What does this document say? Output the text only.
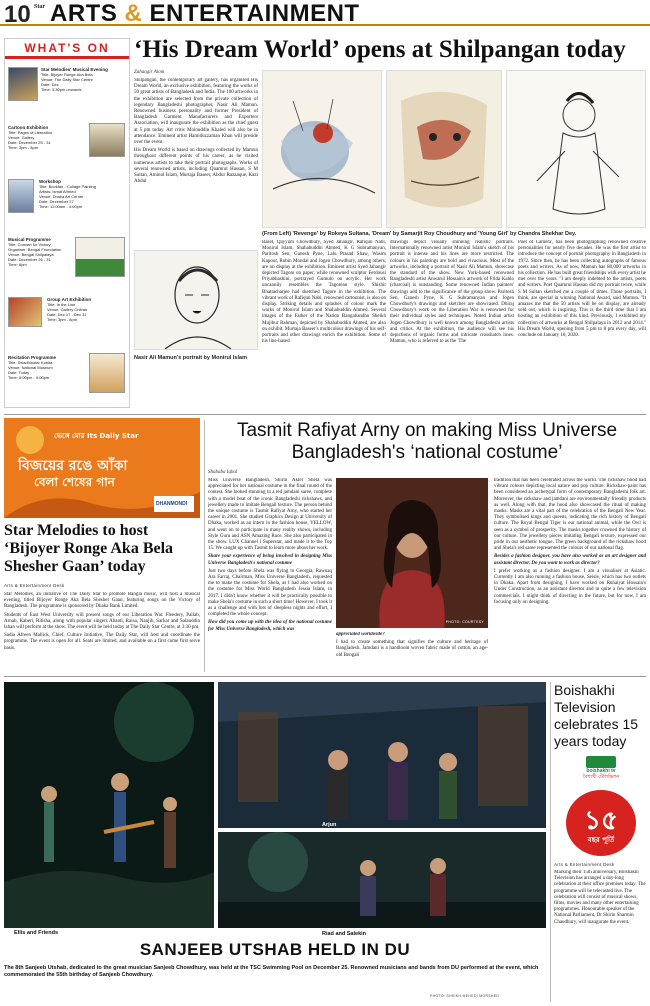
10 Star ARTS & ENTERTAINMENT
WHAT'S ON
Star Melodies' Musical Evening
Title: Bijoyer Ronge Aka Bela
Venue: The Daily Star Centre
Date: Dec
Time: 3:30pm onwards
Cartoon Exhibition
Title: Pages of Liberation
Venue: Gallery
Date: December 25 - 31
Time: 3pm - 8pm
Workshop
Title: Bookfair - Collage Painting
Artists: Ismat Ahmed
Venue: Dhaka Art Centre
Date: December 27
Time: 11:00am - 4:00pm
Musical Programme
Title: Concert for Victory
Organiser: Bengal Foundation
Venue: Bengal Shilpalaya
Date: December 26 - 31
Time: 6pm
Group Art Exhibition
Title: In the Line
Venue: Gallery Chitrak
Date: Dec 17 - Dec 31
Time: 3pm - 8pm
Recitation Programme
Title: Swadhinotar Kobita
Venue: National Museum
Date: Today
Time: 5:00pm - 9:00pm
‘His Dream World’ opens at Shilpangan today
Zahangir Alom

Shilpangan, the contemporary art gallery, has organised His Dream World, an exclusive exhibition, featuring the works of 50 great artists of Bangladesh and India. The 100 artworks in the exhibition are selected from the private collection of legendary Bangladeshi photographer, Nasir Ali Mamun. Renowned business personality and former President of Bangladesh Garment Manufacturers and Exporters Association, will inaugurate the exhibition as the chief guest at 5 pm today. Art critic Moinuddin Khaled will also be in attendance. Eminent artist Hamiduzzaman Khan will preside over the event.

His Dream World is based on drawings collected by Mamun throughout different points of his career, as he visited numerous artists to take their portrait photographs. Works of several renowned artists, including Quamrul Hassan, S M Sultan, Aminul Islam, Murtaja Baseer, Abdur Razzaque, Kazi Abdul

(From Left) 'Revenge' by Rokeya Sultana, 'Dream' by Samarjit Roy Choudhury and 'Young Girl' by Chandra Shekhar Dey.
Nasir Ali Mamun's portrait by Monirul Islam
Baset, Qayyum Chowdhury, Syed Jahangir, Rafiqun Nabi, Monirul Islam, Shahabuddin Ahmed, K G Subramanyan, Paritosh Sen, Ganesh Pyne, Lalu Prasad Shaw, Wasim Kapoor, Robin Mondal and Jogen Chowdhury, among others, are on display at the exhibition. Eminent artist Syed Jahangir depicted Tagore on paper, while renowned sculptor Ferdousi Priyabhashini, portrayed Gumulo on acrylic. Her work uncannily resembles the Tagorean style. Shishir Bhattacharjee had sketched Tagore in the exhibition. The vibrant work of Rafiqun Nabi, renowned cartoonist, is also on display. Striking details and splashes of colour mark the works of Monirul Islam and Shahabuddin Ahmed. Several images of the Father of the Nation Bangabandhu Sheikh Mujibur Rahman, depicted by Shahabuddin Ahmed, are also on exhibit. Murtaja Baseer's multicolour drawings of his self-portraits and other drawings enrich the exhibition. Some of his line-based
drawings depict visually stunning realistic portraits. Internationally renowned artist Monirul Islam's sketch of his portrait is intense and his lines are more restricted. The colours in his paintings are bold and vivacious. Most of the artworks, including a portrait of Nasir Ali Mamun, showcase the standard of the show. New York-based renowned Bangladeshi artist Anwarul Hossain's artwork of Frida Kahlo (charcoal) is outstanding. Some renowned Indian painters' drawings add to the significance of the group show. Paritosh Sen, Ganesh Pyne, K G Subramanyan and Jogen Chowdhury's drawings and sketches are showcased. Dhiraj Chowdhury's work on the Liberation War is renowned for their individual styles and techniques. Noted Indian artist Jogen Chowdhury is well known among Bangladeshi artists and critics. At the exhibition, the audience will see his depictions of organic forms and intricate crosshatch lines. Mamun, who is referred to as the 'The
Poet of Camera', has been photographing renowned creative personalities for nearly five decades. He was the first artist to introduce the concept of portrait photography in Bangladesh in 1972. Since then, he has been collecting autographs of famous poets and writers. As of now, Mamun has 80,000 artworks in his collection. He has built great friendships with every artist he met over the years. "I am deeply indebted to the artists, poets and writers. Poet Quamrul Hassan did my portrait twice, while S M Sultan sketched me a couple of times. Those portraits, I think, are special in winning National Award, said Mamun. "It amazes me that the 50 artists will be on display, are already sold out, which is inspiring. This is the third time that I am hosting an exhibition of this kind. Previously, I exhibited my collection of artworks at Bengal Shilpalaya in 2012 and 2014." His Dream World, opening from 5 pm to 8 pm every day, will conclude on January 10, 2020.
ভেঙ্গে মোর Its Daily Star
বিজয়ের রঙে আঁকা
বেলা শেষের গান
DHANMONDI
Star Melodies to host ‘Bijoyer Ronge Aka Bela Shesher Gaan’ today
Arts & Entertainment Desk

Star Melodies, an initiative of The Daily Star to promote Bangla music, will host a musical evening, titled Bijoyer Ronge Aka Bela Shesher Gaan, featuring songs on the Victory of Bangladesh. The programme is sponsored by Dhaka Bank Limited.

Students of East West University will present songs of our Liberation War. Fleedery, Pallab, Arnab, Kaberi, Ritisha, along with popular singers Abanti, Raisa, Nanjib, Sarkar and Salauddin Ishan will perform at the show. The event will be held today at The Daily Star Centre, at 3:30 pm.

Sadia Afreen Mallick, Chief, Culture Initiative, The Daily Star, will host and coordinate the programme. The event is open for all. Seats are limited, and available on a first come first serve basis.

Tasmit Rafiyat Arny on making Miss Universe Bangladesh's ‘national costume’
Shababa Iqbal

Miss Universe Bangladesh, Shirin Akter Shela was appreciated for her national costume in the final round of the contest. She looked stunning in a red jamdani saree, complete with a model boat of the iconic Bangladeshi rickshaws, and jewellery made to imitate Bengali texture. The person behind the unique costume is Tasmit Rafiyat Arny, who started her career in 2001. She studied Graphics Design at University of Dhaka, worked as an intern in the fashion house, YELLOW, and went on to participate in many reality shows, including Style Guru and ASN Amazing Race. She also participated in the show. LUX Channel i Superstar, and made it to the Top 15. We caught up with Tasmit to learn more about her work.

Share your experience of being involved in designing Miss Universe Bangladesh's national costume

Just two days before Shela was flying to Georgia, Rawnaq Ara Farraj, Chairman, Miss Universe Bangladesh, requested me to make the costume for Shela, as I had also worked on the costume for Miss World Bangladesh Jessia Islam, in 2017. I didn't know whether it will be practically possible to make Shela's costume in such a short time! However, I took it as a challenge and with lots of sleepless nights and effort, I completed the whole concept.

How did you come up with the idea of the national costume for Miss Universe Bangladesh, which was

PHOTO: COURTESY

appreciated worldwide?

I had to create something that signifies the culture and heritage of Bangladesh. Jamdani is a handloom woven fabric made of cotton, an age-old Bengali

tradition that has been celebrated across the world. The rickshaw hood had vibrant colours depicting local nature and pop culture. Rickshaw-paint has been considered an archetypal form of contemporary Bangladeshi folk art. Moreover, the rickshaw and jamdani are environmentally friendly products as well. Along with that, the hood also showcased the ritual of making masks. Masks are a vital part of the celebration of the Bengali New Year. They symbolised kings and queens, indicating the rich history of Bengali culture. The Royal Bengal Tiger is our national animal, while the Owl is seen as a symbol of prosperity. The masks together crowned the history of our culture. The jewellery pieces imitating Bengali texture, expressed our pride in our aesthetic tongue. The green background of the rickshaw hood and Shela's red saree represented the colours of our national flag.

Besides a fashion designer, you have also worked as an art designer and assistant director. Do you want to work as director?

I prefer working as a fashion designer. I am a visualiser at Asiatic. Currently I am also running a fashion house, Seisle, which has two outlets in Dhaka. Apart from designing, I have worked on Ruhaiyat Hossain's Under Construction, as an assistant director and in quite a few television commercials. I might think of directing in the future, but for now, I am focusing only on designing.

Ellis and Friends
Arjun
Riad and Salekin
SANJEEB UTSHAB HELD IN DU
The 8th Sanjeeb Utshab, dedicated to the great musician Sanjeeb Chowdhury, was held at the TSC Swimming Pool on December 25. Renowned musicians and bands from DU performed at the event, which commemorated the 55th birthday of Sanjeeb Chowdhury.
PHOTO: SHEIKH MEHEDI MORSHED
Boishakhi Television celebrates 15 years today
boishakhi tv
বৈশাখী টেলিভিশন
১৫
বছর পূর্তি
Arts & Entertainment Desk
Marking their 15th anniversary, Boishakhi Television has arranged a day-long celebration at their office premises today. The programme will be telecasted live. The celebration will consist of musical shows, films, movies and many other entertaining programmes. Honourable speaker of the National Parliament, Dr Shirin Sharmin Chaudhury, will inaugurate the event.
